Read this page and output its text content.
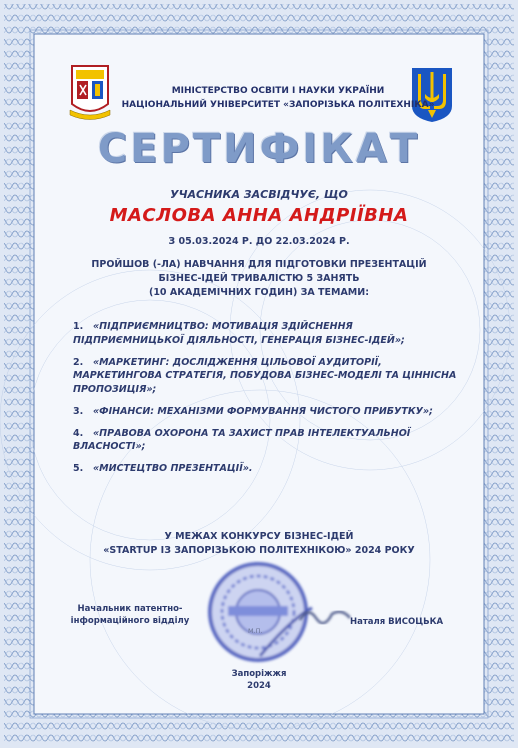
МІНІСТЕРСТВО ОСВІТИ І НАУКИ УКРАЇНИ
НАЦІОНАЛЬНИЙ УНІВЕРСИТЕТ «ЗАПОРІЗЬКА ПОЛІТЕХНІКА»
СЕРТИФІКАТ
УЧАСНИКА ЗАСВІДЧУЄ, ЩО
МАСЛОВА АННА АНДРІЇВНА
З 05.03.2024 Р. ДО 22.03.2024 Р.
ПРОЙШОВ (-ЛА) НАВЧАННЯ ДЛЯ ПІДГОТОВКИ ПРЕЗЕНТАЦІЙ
БІЗНЕС-ІДЕЙ ТРИВАЛІСТЮ 5 ЗАНЯТЬ
(10 АКАДЕМІЧНИХ ГОДИН) ЗА ТЕМАМИ:
1. «ПІДПРИЄМНИЦТВО: МОТИВАЦІЯ ЗДІЙСНЕННЯ ПІДПРИЄМНИЦЬКОЇ ДІЯЛЬНОСТІ, ГЕНЕРАЦІЯ БІЗНЕС-ІДЕЙ»;
2. «МАРКЕТИНГ: ДОСЛІДЖЕННЯ ЦІЛЬОВОЇ АУДИТОРІЇ, МАРКЕТИНГОВА СТРАТЕГІЯ, ПОБУДОВА БІЗНЕС-МОДЕЛІ ТА ЦІННІСНА ПРОПОЗИЦІЯ»;
3. «ФІНАНСИ: МЕХАНІЗМИ ФОРМУВАННЯ ЧИСТОГО ПРИБУТКУ»;
4. «ПРАВОВА ОХОРОНА ТА ЗАХИСТ ПРАВ ІНТЕЛЕКТУАЛЬНОЇ ВЛАСНОСТІ»;
5. «МИСТЕЦТВО ПРЕЗЕНТАЦІЇ».
У МЕЖАХ КОНКУРСУ БІЗНЕС-ІДЕЙ
«STARTUP ІЗ ЗАПОРІЗЬКОЮ ПОЛІТЕХНІКОЮ» 2024 РОКУ
М.П.
Начальник патентно-
інформаційного відділу	Наталя ВИСОЦЬКА
Запоріжжя
2024
